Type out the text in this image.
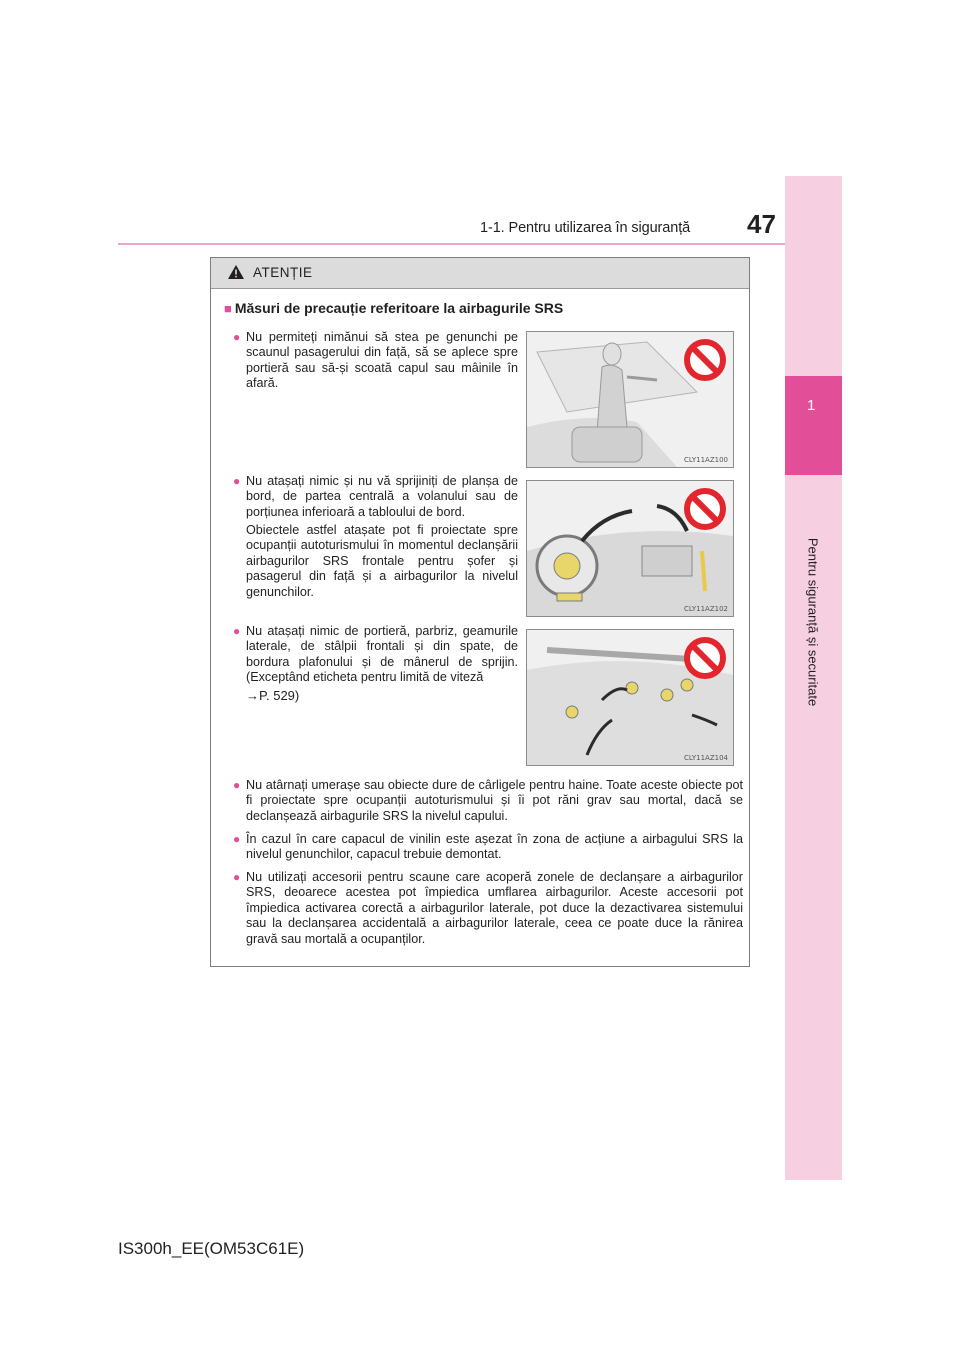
1-1. Pentru utilizarea în siguranță 47
1
Pentru siguranță și securitate
ATENȚIE
■ Măsuri de precauție referitoare la airbagurile SRS
● Nu permiteți nimănui să stea pe genunchi pe scaunul pasagerului din față, să se aplece spre portieră sau să-și scoată capul sau mâinile în afară.
CLY11AZ100
● Nu atașați nimic și nu vă sprijiniți de planșa de bord, de partea centrală a volanului sau de porțiunea inferioară a tabloului de bord.
Obiectele astfel atașate pot fi proiectate spre ocupanții autoturismului în momentul declanșării airbagurilor SRS frontale pentru șofer și pasagerul din față și a airbagurilor la nivelul genunchilor.
CLY11AZ102
● Nu atașați nimic de portieră, parbriz, geamurile laterale, de stâlpii frontali și din spate, de bordura plafonului și de mânerul de sprijin. (Exceptând eticheta pentru limită de viteză
→P. 529)
CLY11AZ104
● Nu atârnați umerașe sau obiecte dure de cârligele pentru haine. Toate aceste obiecte pot fi proiectate spre ocupanții autoturismului și îi pot răni grav sau mortal, dacă se declanșează airbagurile SRS la nivelul capului.
● În cazul în care capacul de vinilin este așezat în zona de acțiune a airbagului SRS la nivelul genunchilor, capacul trebuie demontat.
● Nu utilizați accesorii pentru scaune care acoperă zonele de declanșare a airbagurilor SRS, deoarece acestea pot împiedica umflarea airbagurilor. Aceste accesorii pot împiedica activarea corectă a airbagurilor laterale, pot duce la dezactivarea sistemului sau la declanșarea accidentală a airbagurilor laterale, ceea ce poate duce la rănirea gravă sau mortală a ocupanților.
IS300h_EE(OM53C61E)
